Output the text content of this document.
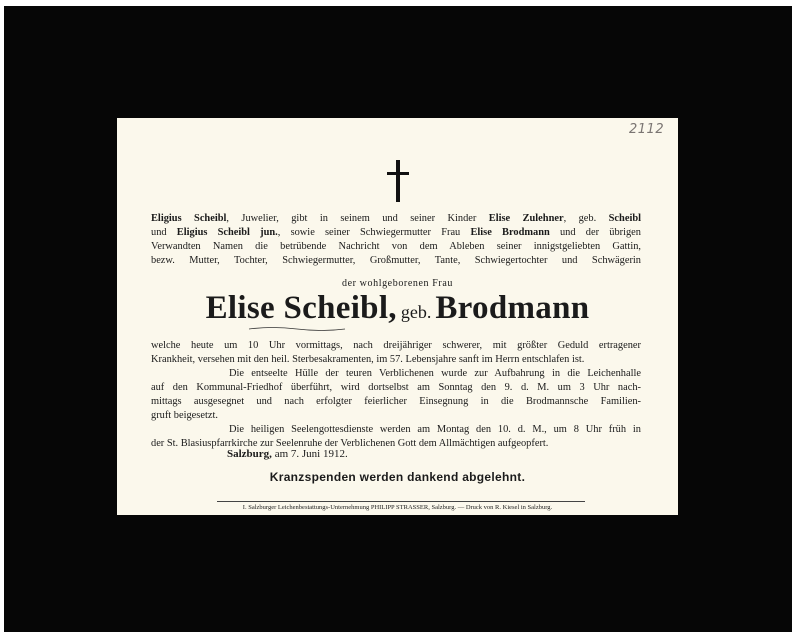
2112
Eligius Scheibl, Juwelier, gibt in seinem und seiner Kinder Elise Zulehner, geb. Scheibl
und Eligius Scheibl jun., sowie seiner Schwiegermutter Frau Elise Brodmann und der übrigen
Verwandten Namen die betrübende Nachricht von dem Ableben seiner innigstgeliebten Gattin,
bezw. Mutter, Tochter, Schwiegermutter, Großmutter, Tante, Schwiegertochter und Schwägerin
der wohlgeborenen Frau
Elise Scheibl, geb. Brodmann
welche heute um 10 Uhr vormittags, nach dreijähriger schwerer, mit größter Geduld ertragener
Krankheit, versehen mit den heil. Sterbesakramenten, im 57. Lebensjahre sanft im Herrn entschlafen ist.
Die entseelte Hülle der teuren Verblichenen wurde zur Aufbahrung in die Leichenhalle
auf den Kommunal-Friedhof überführt, wird dortselbst am Sonntag den 9. d. M. um 3 Uhr nach-
mittags ausgesegnet und nach erfolgter feierlicher Einsegnung in die Brodmannsche Familien-
gruft beigesetzt.
Die heiligen Seelengottesdienste werden am Montag den 10. d. M., um 8 Uhr früh in
der St. Blasiuspfarrkirche zur Seelenruhe der Verblichenen Gott dem Allmächtigen aufgeopfert.
Salzburg, am 7. Juni 1912.
Kranzspenden werden dankend abgelehnt.
I. Salzburger Leichenbestattungs-Unternehmung PHILIPP STRASSER, Salzburg. — Druck von R. Kiesel in Salzburg.
